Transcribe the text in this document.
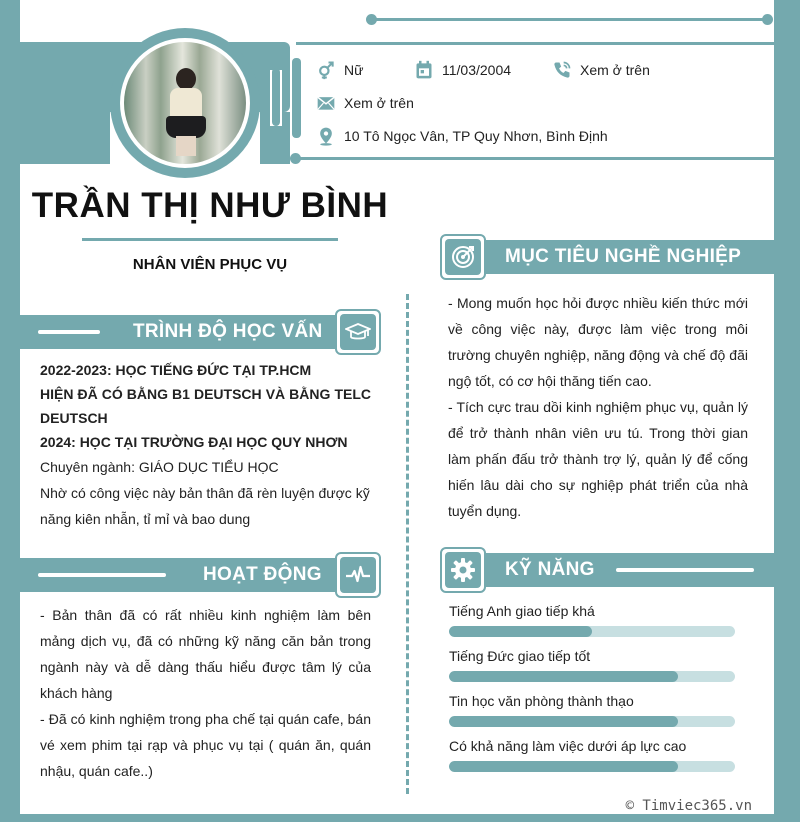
Nữ	11/03/2004	Xem ở trên
Xem ở trên
10 Tô Ngọc Vân, TP Quy Nhơn, Bình Định
TRẦN THỊ NHƯ BÌNH
NHÂN VIÊN PHỤC VỤ
TRÌNH ĐỘ HỌC VẤN
2022-2023: HỌC TIẾNG ĐỨC TẠI TP.HCM
HIỆN ĐÃ CÓ BẰNG B1 DEUTSCH VÀ BẰNG TELC DEUTSCH
2024: HỌC TẠI TRƯỜNG ĐẠI HỌC QUY NHƠN
Chuyên ngành: GIÁO DỤC TIỂU HỌC
Nhờ có công việc này bản thân đã rèn luyện được kỹ năng kiên nhẫn, tỉ mỉ và bao dung
HOẠT ĐỘNG
- Bản thân đã có rất nhiều kinh nghiệm làm bên mảng dịch vụ, đã có những kỹ năng căn bản trong ngành này và dễ dàng thấu hiểu được tâm lý của khách hàng
- Đã có kinh nghiệm trong pha chế tại quán cafe, bán vé xem phim tại rạp và phục vụ tại ( quán ăn, quán nhậu, quán cafe..)
MỤC TIÊU NGHỀ NGHIỆP
- Mong muốn học hỏi được nhiều kiến thức mới về công việc này, được làm việc trong môi trường chuyên nghiệp, năng động và chế độ đãi ngộ tốt, có cơ hội thăng tiến cao.
- Tích cực trau dồi kinh nghiệm phục vụ, quản lý để trở thành nhân viên ưu tú. Trong thời gian làm phấn đấu trở thành trợ lý, quản lý để cống hiến lâu dài cho sự nghiệp phát triển của nhà tuyển dụng.
KỸ NĂNG
Tiếng Anh giao tiếp khá
Tiếng Đức giao tiếp tốt
Tin học văn phòng thành thạo
Có khả năng làm việc dưới áp lực cao
© Timviec365.vn
